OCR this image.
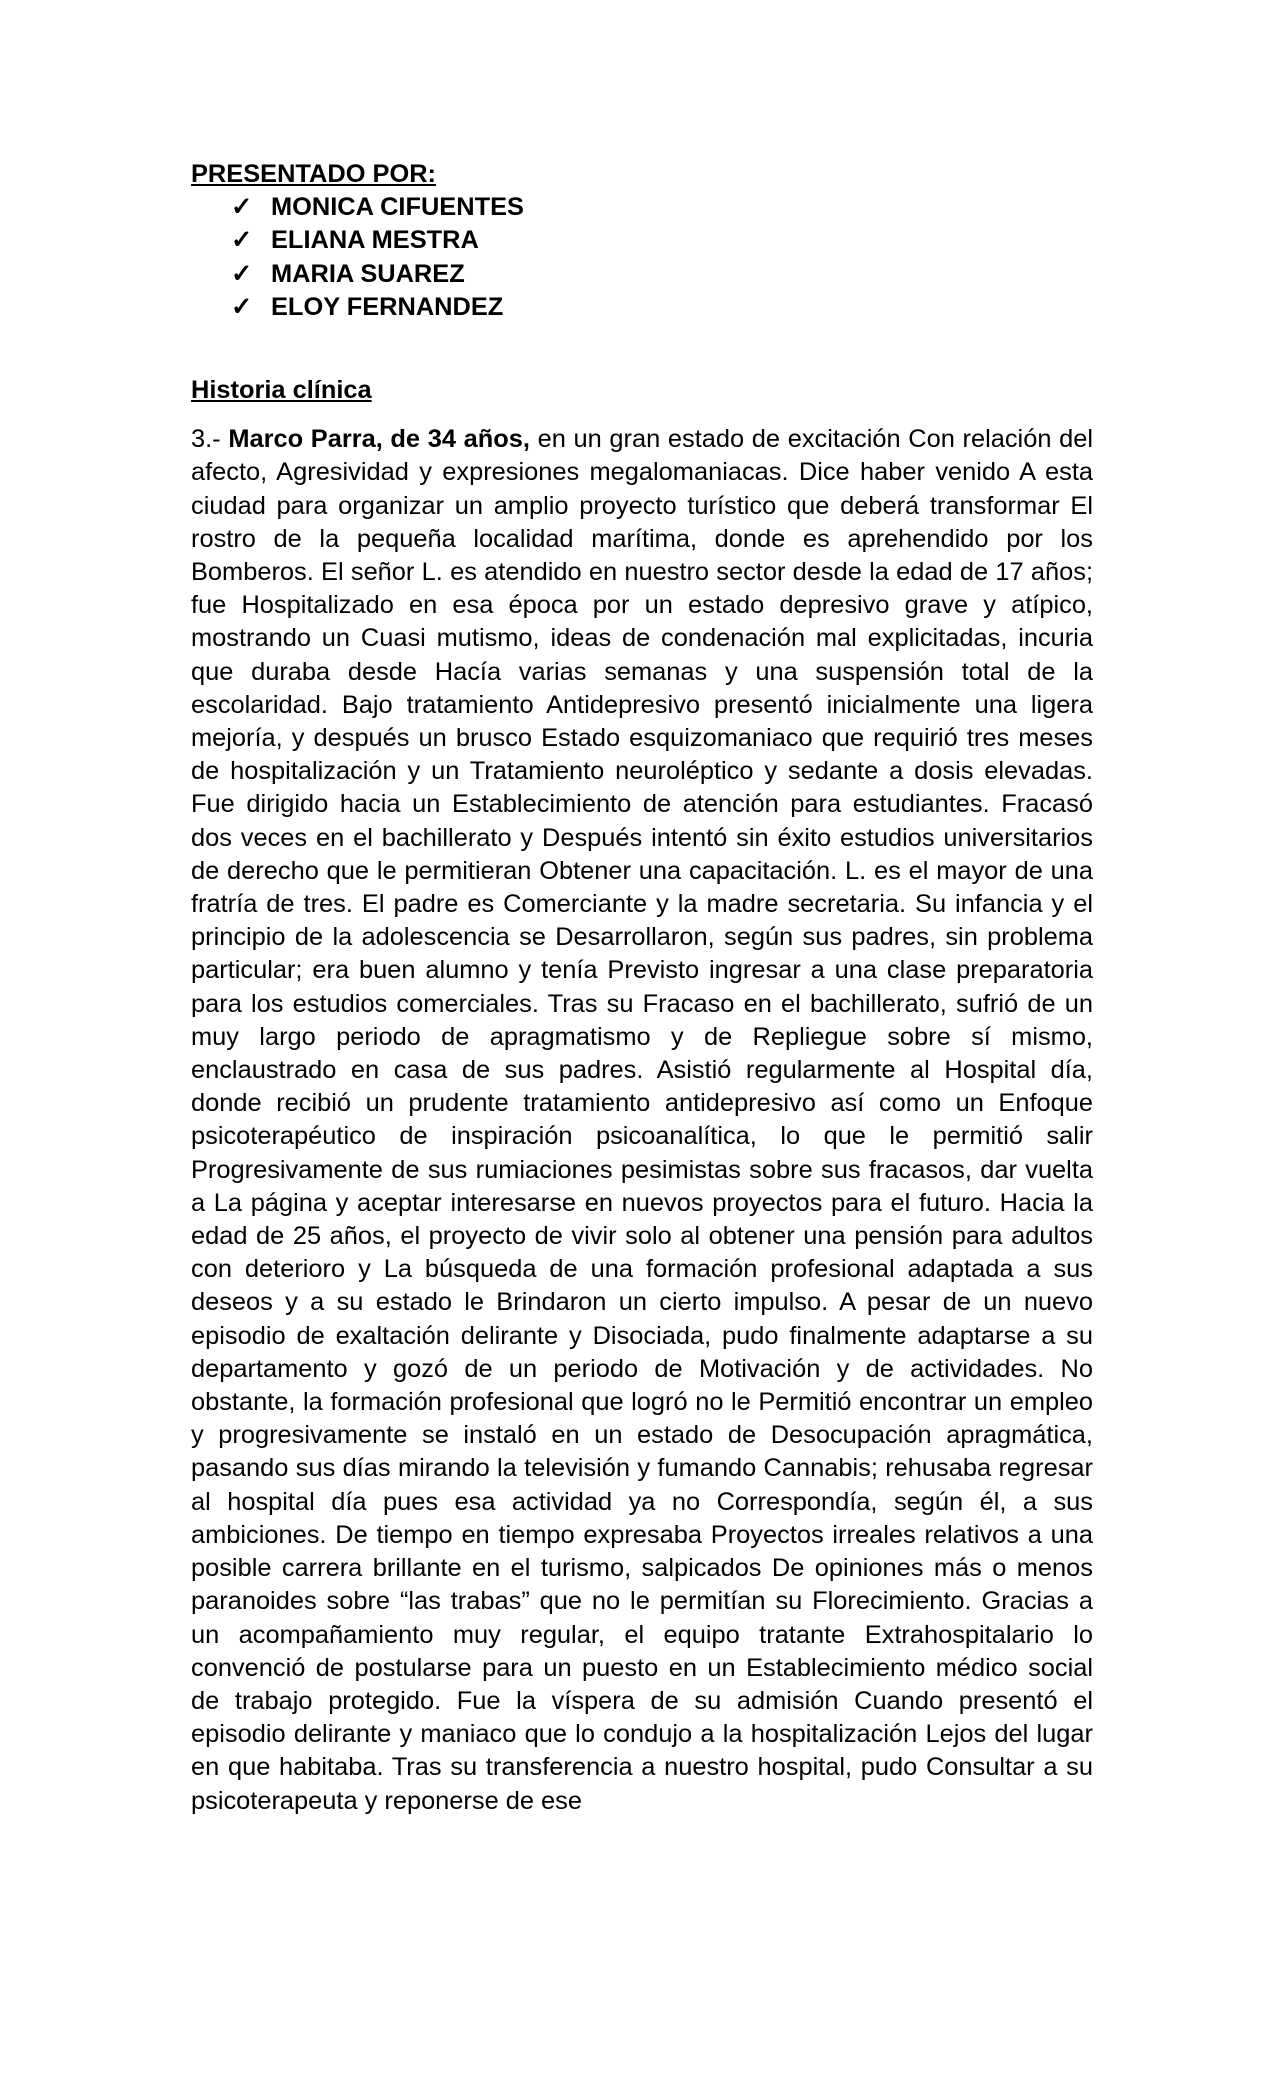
PRESENTADO POR:

✓ MONICA CIFUENTES
✓ ELIANA MESTRA
✓ MARIA SUAREZ
✓ ELOY FERNANDEZ

Historia clínica

3.- Marco Parra, de 34 años, en un gran estado de excitación Con relación del afecto, Agresividad y expresiones megalomaniacas. Dice haber venido A esta ciudad para organizar un amplio proyecto turístico que deberá transformar El rostro de la pequeña localidad marítima, donde es aprehendido por los Bomberos. El señor L. es atendido en nuestro sector desde la edad de 17 años; fue Hospitalizado en esa época por un estado depresivo grave y atípico, mostrando un Cuasi mutismo, ideas de condenación mal explicitadas, incuria que duraba desde Hacía varias semanas y una suspensión total de la escolaridad. Bajo tratamiento Antidepresivo presentó inicialmente una ligera mejoría, y después un brusco Estado esquizomaniaco que requirió tres meses de hospitalización y un Tratamiento neuroléptico y sedante a dosis elevadas. Fue dirigido hacia un Establecimiento de atención para estudiantes. Fracasó dos veces en el bachillerato y Después intentó sin éxito estudios universitarios de derecho que le permitieran Obtener una capacitación. L. es el mayor de una fratría de tres. El padre es Comerciante y la madre secretaria. Su infancia y el principio de la adolescencia se Desarrollaron, según sus padres, sin problema particular; era buen alumno y tenía Previsto ingresar a una clase preparatoria para los estudios comerciales. Tras su Fracaso en el bachillerato, sufrió de un muy largo periodo de apragmatismo y de Repliegue sobre sí mismo, enclaustrado en casa de sus padres. Asistió regularmente al Hospital día, donde recibió un prudente tratamiento antidepresivo así como un Enfoque psicoterapéutico de inspiración psicoanalítica, lo que le permitió salir Progresivamente de sus rumiaciones pesimistas sobre sus fracasos, dar vuelta a La página y aceptar interesarse en nuevos proyectos para el futuro. Hacia la edad de 25 años, el proyecto de vivir solo al obtener una pensión para adultos con deterioro y La búsqueda de una formación profesional adaptada a sus deseos y a su estado le Brindaron un cierto impulso. A pesar de un nuevo episodio de exaltación delirante y Disociada, pudo finalmente adaptarse a su departamento y gozó de un periodo de Motivación y de actividades. No obstante, la formación profesional que logró no le Permitió encontrar un empleo y progresivamente se instaló en un estado de Desocupación apragmática, pasando sus días mirando la televisión y fumando Cannabis; rehusaba regresar al hospital día pues esa actividad ya no Correspondía, según él, a sus ambiciones. De tiempo en tiempo expresaba Proyectos irreales relativos a una posible carrera brillante en el turismo, salpicados De opiniones más o menos paranoides sobre “las trabas” que no le permitían su Florecimiento. Gracias a un acompañamiento muy regular, el equipo tratante Extrahospitalario lo convenció de postularse para un puesto en un Establecimiento médico social de trabajo protegido. Fue la víspera de su admisión Cuando presentó el episodio delirante y maniaco que lo condujo a la hospitalización Lejos del lugar en que habitaba. Tras su transferencia a nuestro hospital, pudo Consultar a su psicoterapeuta y reponerse de ese
